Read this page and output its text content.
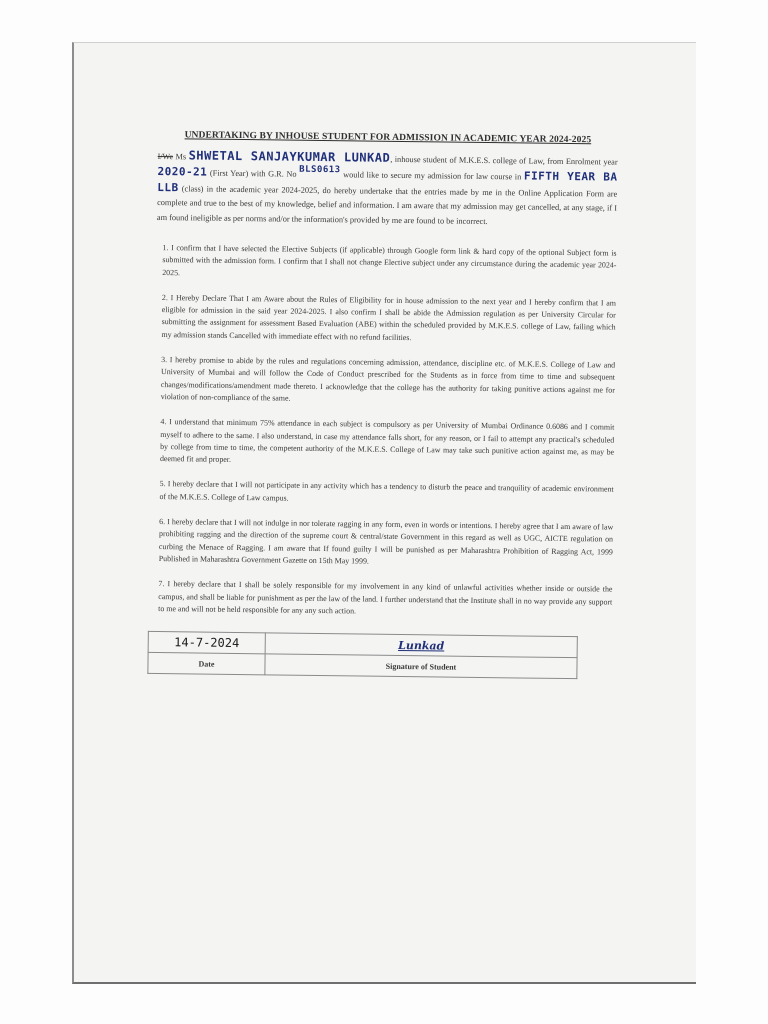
UNDERTAKING BY INHOUSE STUDENT FOR ADMISSION IN ACADEMIC YEAR 2024-2025
I/We Ms SHWETAL SANJAYKUMAR LUNKAD, inhouse student of M.K.E.S. college of Law, from Enrolment year 2020-21 (First Year) with G.R. No BLS0613 would like to secure my admission for law course in FIFTH YEAR BA LLB (class) in the academic year 2024-2025, do hereby undertake that the entries made by me in the Online Application Form are complete and true to the best of my knowledge, belief and information. I am aware that my admission may get cancelled, at any stage, if I am found ineligible as per norms and/or the information's provided by me are found to be incorrect.
1. I confirm that I have selected the Elective Subjects (if applicable) through Google form link & hard copy of the optional Subject form is submitted with the admission form. I confirm that I shall not change Elective subject under any circumstance during the academic year 2024-2025.
2. I Hereby Declare That I am Aware about the Rules of Eligibility for in house admission to the next year and I hereby confirm that I am eligible for admission in the said year 2024-2025. I also confirm I shall be abide the Admission regulation as per University Circular for submitting the assignment for assessment Based Evaluation (ABE) within the scheduled provided by M.K.E.S. college of Law, failing which my admission stands Cancelled with immediate effect with no refund facilities.
3. I hereby promise to abide by the rules and regulations concerning admission, attendance, discipline etc. of M.K.E.S. College of Law and University of Mumbai and will follow the Code of Conduct prescribed for the Students as in force from time to time and subsequent changes/modifications/amendment made thereto. I acknowledge that the college has the authority for taking punitive actions against me for violation of non-compliance of the same.
4. I understand that minimum 75% attendance in each subject is compulsory as per University of Mumbai Ordinance 0.6086 and I commit myself to adhere to the same. I also understand, in case my attendance falls short, for any reason, or I fail to attempt any practical's scheduled by college from time to time, the competent authority of the M.K.E.S. College of Law may take such punitive action against me, as may be deemed fit and proper.
5. I hereby declare that I will not participate in any activity which has a tendency to disturb the peace and tranquility of academic environment of the M.K.E.S. College of Law campus.
6. I hereby declare that I will not indulge in nor tolerate ragging in any form, even in words or intentions. I hereby agree that I am aware of law prohibiting ragging and the direction of the supreme court & central/state Government in this regard as well as UGC, AICTE regulation on curbing the Menace of Ragging. I am aware that If found guilty I will be punished as per Maharashtra Prohibition of Ragging Act, 1999 Published in Maharashtra Government Gazette on 15th May 1999.
7. I hereby declare that I shall be solely responsible for my involvement in any kind of unlawful activities whether inside or outside the campus, and shall be liable for punishment as per the law of the land. I further understand that the Institute shall in no way provide any support to me and will not be held responsible for any any such action.
14-7-2024	Lunkad
Date	Signature of Student
